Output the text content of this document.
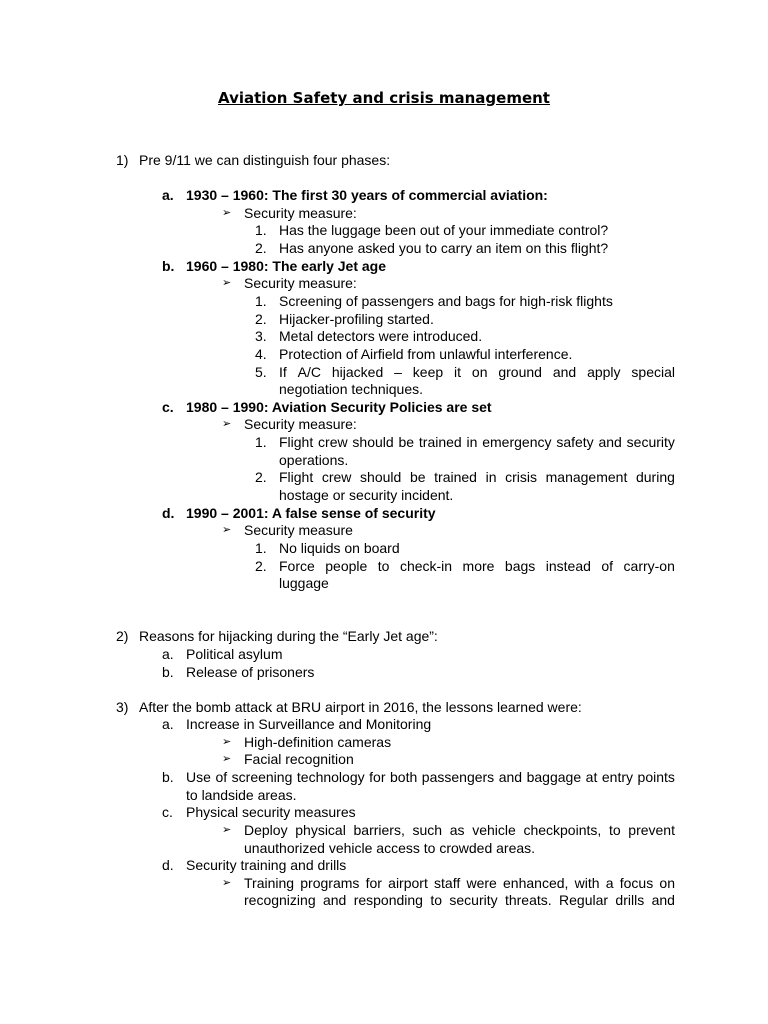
Aviation Safety and crisis management
1) Pre 9/11 we can distinguish four phases:
a. 1930 – 1960: The first 30 years of commercial aviation:
➢ Security measure:
1. Has the luggage been out of your immediate control?
2. Has anyone asked you to carry an item on this flight?
b. 1960 – 1980: The early Jet age
➢ Security measure:
1. Screening of passengers and bags for high-risk flights
2. Hijacker-profiling started.
3. Metal detectors were introduced.
4. Protection of Airfield from unlawful interference.
5. If A/C hijacked – keep it on ground and apply special
negotiation techniques.
c. 1980 – 1990: Aviation Security Policies are set
➢ Security measure:
1. Flight crew should be trained in emergency safety and security
operations.
2. Flight crew should be trained in crisis management during
hostage or security incident.
d. 1990 – 2001: A false sense of security
➢ Security measure
1. No liquids on board
2. Force people to check-in more bags instead of carry-on
luggage
2) Reasons for hijacking during the “Early Jet age”:
a. Political asylum
b. Release of prisoners
3) After the bomb attack at BRU airport in 2016, the lessons learned were:
a. Increase in Surveillance and Monitoring
➢ High-definition cameras
➢ Facial recognition
b. Use of screening technology for both passengers and baggage at entry points
to landside areas.
c. Physical security measures
➢ Deploy physical barriers, such as vehicle checkpoints, to prevent
unauthorized vehicle access to crowded areas.
d. Security training and drills
➢ Training programs for airport staff were enhanced, with a focus on
recognizing and responding to security threats. Regular drills and
